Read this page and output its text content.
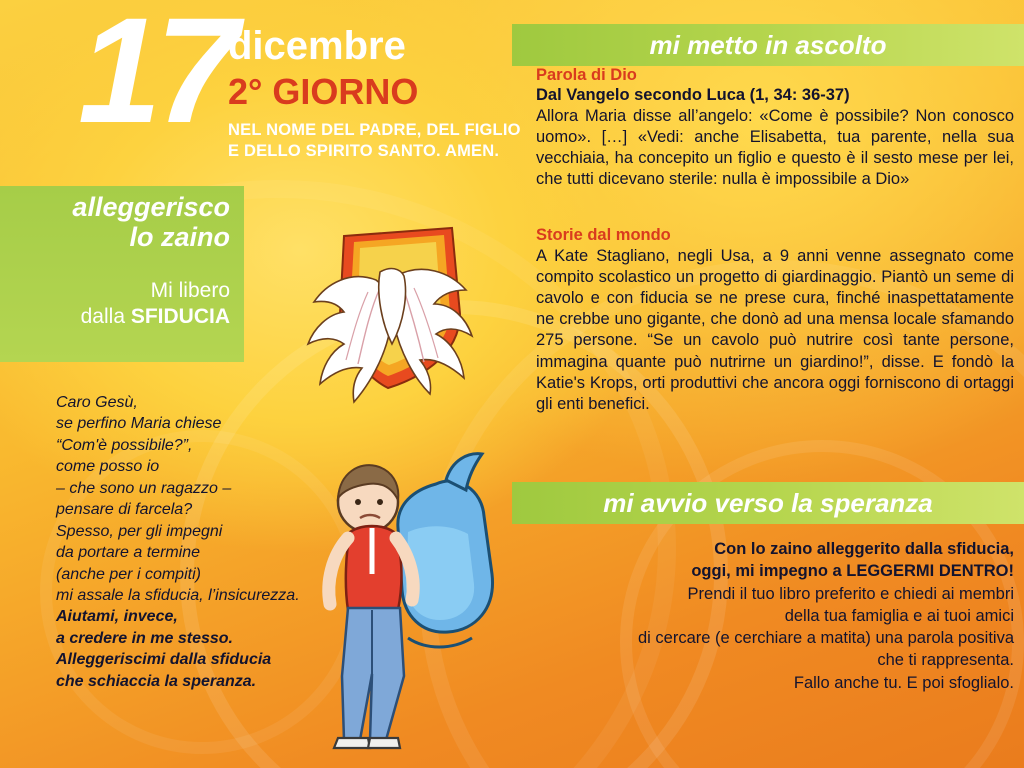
17
dicembre
2° GIORNO
NEL NOME DEL PADRE, DEL FIGLIO
E DELLO SPIRITO SANTO. AMEN.
mi metto in ascolto
mi avvio verso la speranza
alleggerisco
lo zaino
Mi libero
dalla SFIDUCIA

Parola di Dio

Dal Vangelo secondo Luca (1, 34: 36-37)

Allora Maria disse all’angelo: «Come è possibile? Non conosco uomo». […] «Vedi: anche Elisabetta, tua parente, nella sua vecchiaia, ha concepito un figlio e questo è il sesto mese per lei, che tutti dicevano sterile: nulla è impossibile a Dio»

Storie dal mondo

A Kate Stagliano, negli Usa, a 9 anni venne assegnato come compito scolastico un progetto di giardinaggio. Piantò un seme di cavolo e con fiducia se ne prese cura, finché inaspettatamente ne crebbe uno gigante, che donò ad una mensa locale sfamando 275 persone. “Se un cavolo può nutrire così tante persone, immagina quante può nutrirne un giardino!”, disse. E fondò la Katie's Krops, orti produttivi che ancora oggi forniscono di ortaggi gli enti benefici.

Con lo zaino alleggerito dalla sfiducia,
oggi, mi impegno a LEGGERMI DENTRO!
Prendi il tuo libro preferito e chiedi ai membri
della tua famiglia e ai tuoi amici
di cercare (e cerchiare a matita) una parola positiva
che ti rappresenta.
Fallo anche tu. E poi sfoglialo.
Caro Gesù,
se perfino Maria chiese
“Com'è possibile?”,
come posso io
– che sono un ragazzo –
pensare di farcela?
Spesso, per gli impegni
da portare a termine
(anche per i compiti)
mi assale la sfiducia, l’insicurezza.
Aiutami, invece,
a credere in me stesso.
Alleggeriscimi dalla sfiducia
che schiaccia la speranza.
